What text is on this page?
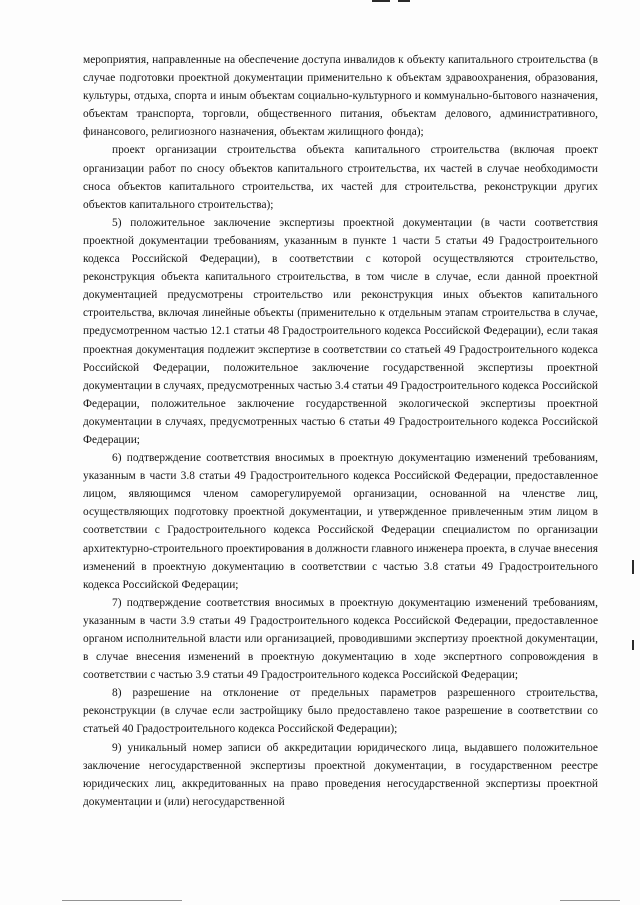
мероприятия, направленные на обеспечение доступа инвалидов к объекту капитального строительства (в случае подготовки проектной документации применительно к объектам здравоохранения, образования, культуры, отдыха, спорта и иным объектам социально-культурного и коммунально-бытового назначения, объектам транспорта, торговли, общественного питания, объектам делового, административного, финансового, религиозного назначения, объектам жилищного фонда);

проект организации строительства объекта капитального строительства (включая проект организации работ по сносу объектов капитального строительства, их частей в случае необходимости сноса объектов капитального строительства, их частей для строительства, реконструкции других объектов капитального строительства);

5) положительное заключение экспертизы проектной документации (в части соответствия проектной документации требованиям, указанным в пункте 1 части 5 статьи 49 Градостроительного кодекса Российской Федерации), в соответствии с которой осуществляются строительство, реконструкция объекта капитального строительства, в том числе в случае, если данной проектной документацией предусмотрены строительство или реконструкция иных объектов капитального строительства, включая линейные объекты (применительно к отдельным этапам строительства в случае, предусмотренном частью 12.1 статьи 48 Градостроительного кодекса Российской Федерации), если такая проектная документация подлежит экспертизе в соответствии со статьей 49 Градостроительного кодекса Российской Федерации, положительное заключение государственной экспертизы проектной документации в случаях, предусмотренных частью 3.4 статьи 49 Градостроительного кодекса Российской Федерации, положительное заключение государственной экологической экспертизы проектной документации в случаях, предусмотренных частью 6 статьи 49 Градостроительного кодекса Российской Федерации;

6) подтверждение соответствия вносимых в проектную документацию изменений требованиям, указанным в части 3.8 статьи 49 Градостроительного кодекса Российской Федерации, предоставленное лицом, являющимся членом саморегулируемой организации, основанной на членстве лиц, осуществляющих подготовку проектной документации, и утвержденное привлеченным этим лицом в соответствии с Градостроительного кодекса Российской Федерации специалистом по организации архитектурно-строительного проектирования в должности главного инженера проекта, в случае внесения изменений в проектную документацию в соответствии с частью 3.8 статьи 49 Градостроительного кодекса Российской Федерации;

7) подтверждение соответствия вносимых в проектную документацию изменений требованиям, указанным в части 3.9 статьи 49 Градостроительного кодекса Российской Федерации, предоставленное органом исполнительной власти или организацией, проводившими экспертизу проектной документации, в случае внесения изменений в проектную документацию в ходе экспертного сопровождения в соответствии с частью 3.9 статьи 49 Градостроительного кодекса Российской Федерации;

8) разрешение на отклонение от предельных параметров разрешенного строительства, реконструкции (в случае если застройщику было предоставлено такое разрешение в соответствии со статьей 40 Градостроительного кодекса Российской Федерации);

9) уникальный номер записи об аккредитации юридического лица, выдавшего положительное заключение негосударственной экспертизы проектной документации, в государственном реестре юридических лиц, аккредитованных на право проведения негосударственной экспертизы проектной документации и (или) негосударственной
